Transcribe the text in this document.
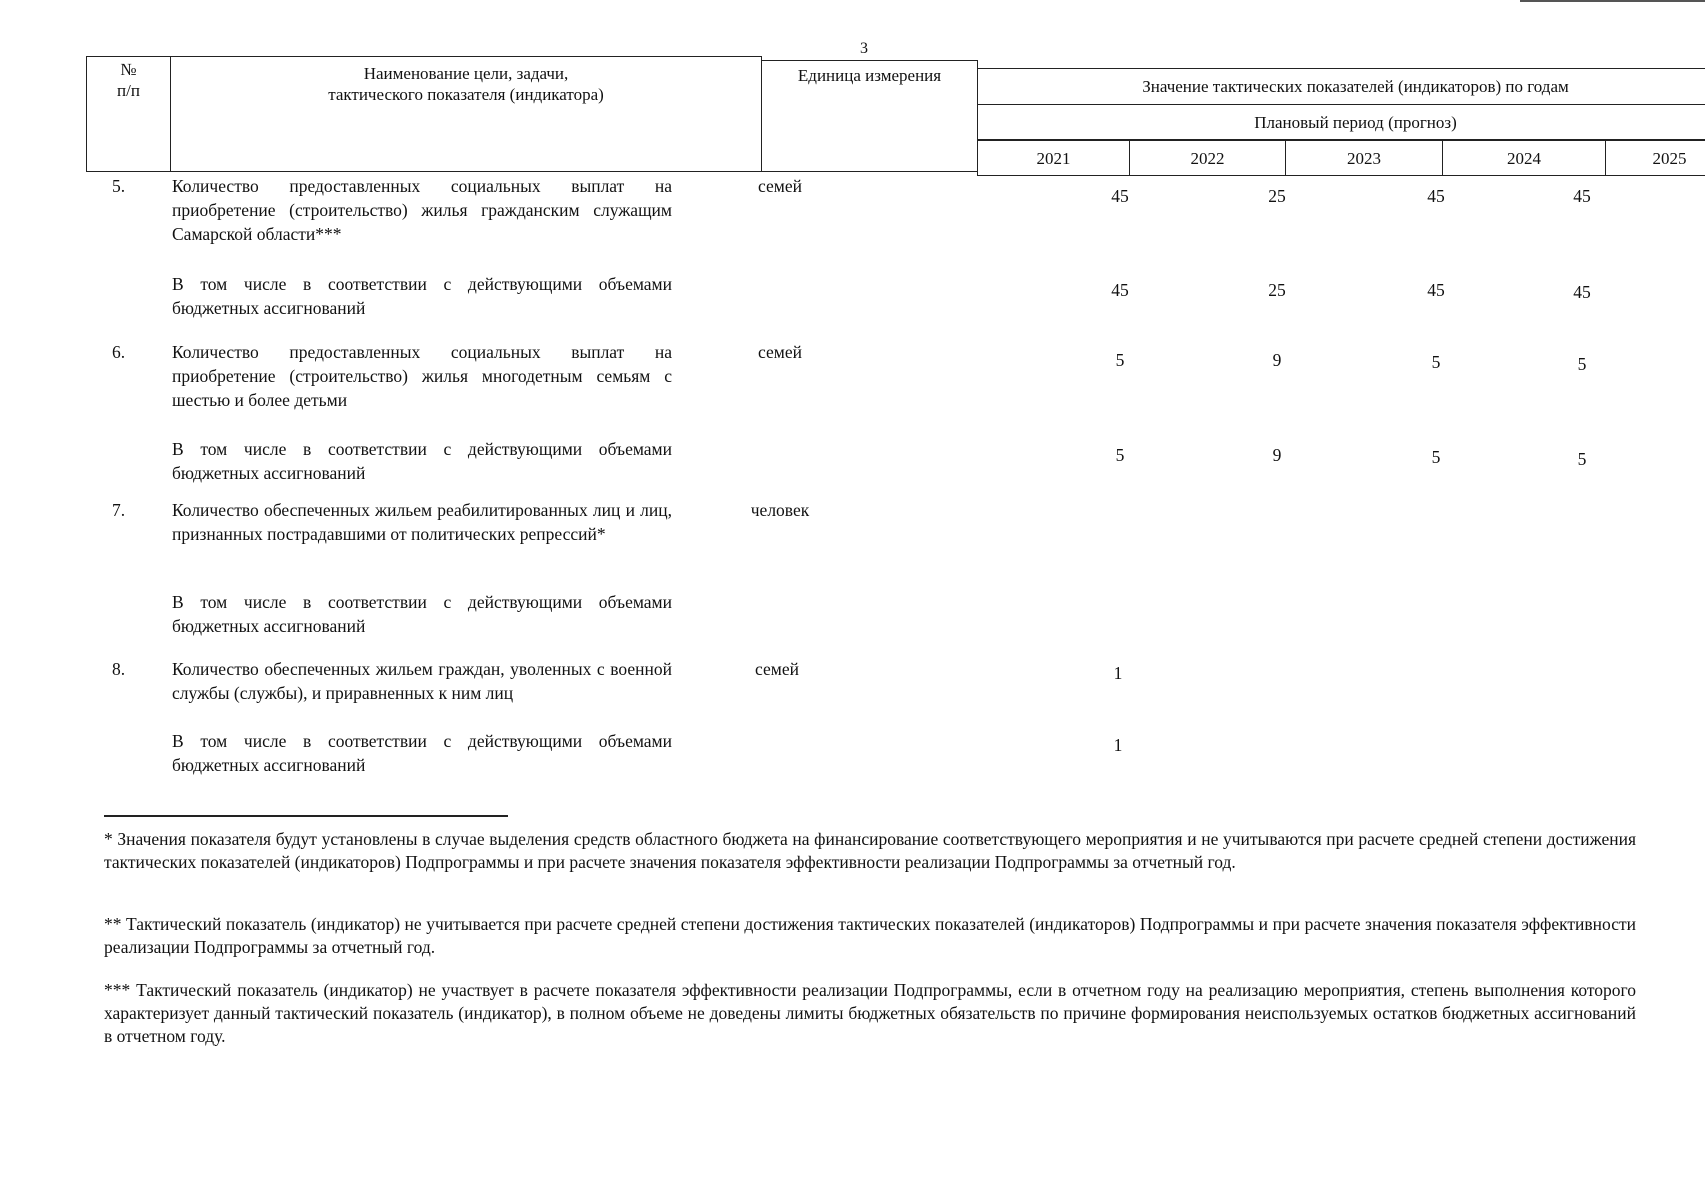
3
№
п/п
Наименование цели, задачи,
тактического показателя (индикатора)
Единица измерения
Значение тактических показателей (индикаторов) по годам
Плановый период (прогноз)
2021	2022	2023	2024	2025
5.	Количество предоставленных социальных выплат на приобретение (строительство) жилья гражданским служащим Самарской области***
семей	45	25	45	45
В том числе в соответствии с действующими объемами бюджетных ассигнований
45	25	45	45
6.	Количество предоставленных социальных выплат на приобретение (строительство) жилья многодетным семьям с шестью и более детьми
семей	5	9	5	5
В том числе в соответствии с действующими объемами бюджетных ассигнований
5	9	5	5
7.	Количество обеспеченных жильем реабилитированных лиц и лиц, признанных пострадавшими от политических репрессий*
человек
В том числе в соответствии с действующими объемами бюджетных ассигнований
8.	Количество обеспеченных жильем граждан, уволенных с военной службы (службы), и приравненных к ним лиц
семей	1
В том числе в соответствии с действующими объемами бюджетных ассигнований
1
* Значения показателя будут установлены в случае выделения средств областного бюджета на финансирование соответствующего мероприятия и не учитываются при расчете средней степени достижения тактических показателей (индикаторов) Подпрограммы и при расчете значения показателя эффективности реализации Подпрограммы за отчетный год.
** Тактический показатель (индикатор) не учитывается при расчете средней степени достижения тактических показателей (индикаторов) Подпрограммы и при расчете значения показателя эффективности реализации Подпрограммы за отчетный год.
*** Тактический показатель (индикатор) не участвует в расчете показателя эффективности реализации Подпрограммы, если в отчетном году на реализацию мероприятия, степень выполнения которого характеризует данный тактический показатель (индикатор), в полном объеме не доведены лимиты бюджетных обязательств по причине формирования неиспользуемых остатков бюджетных ассигнований в отчетном году.
